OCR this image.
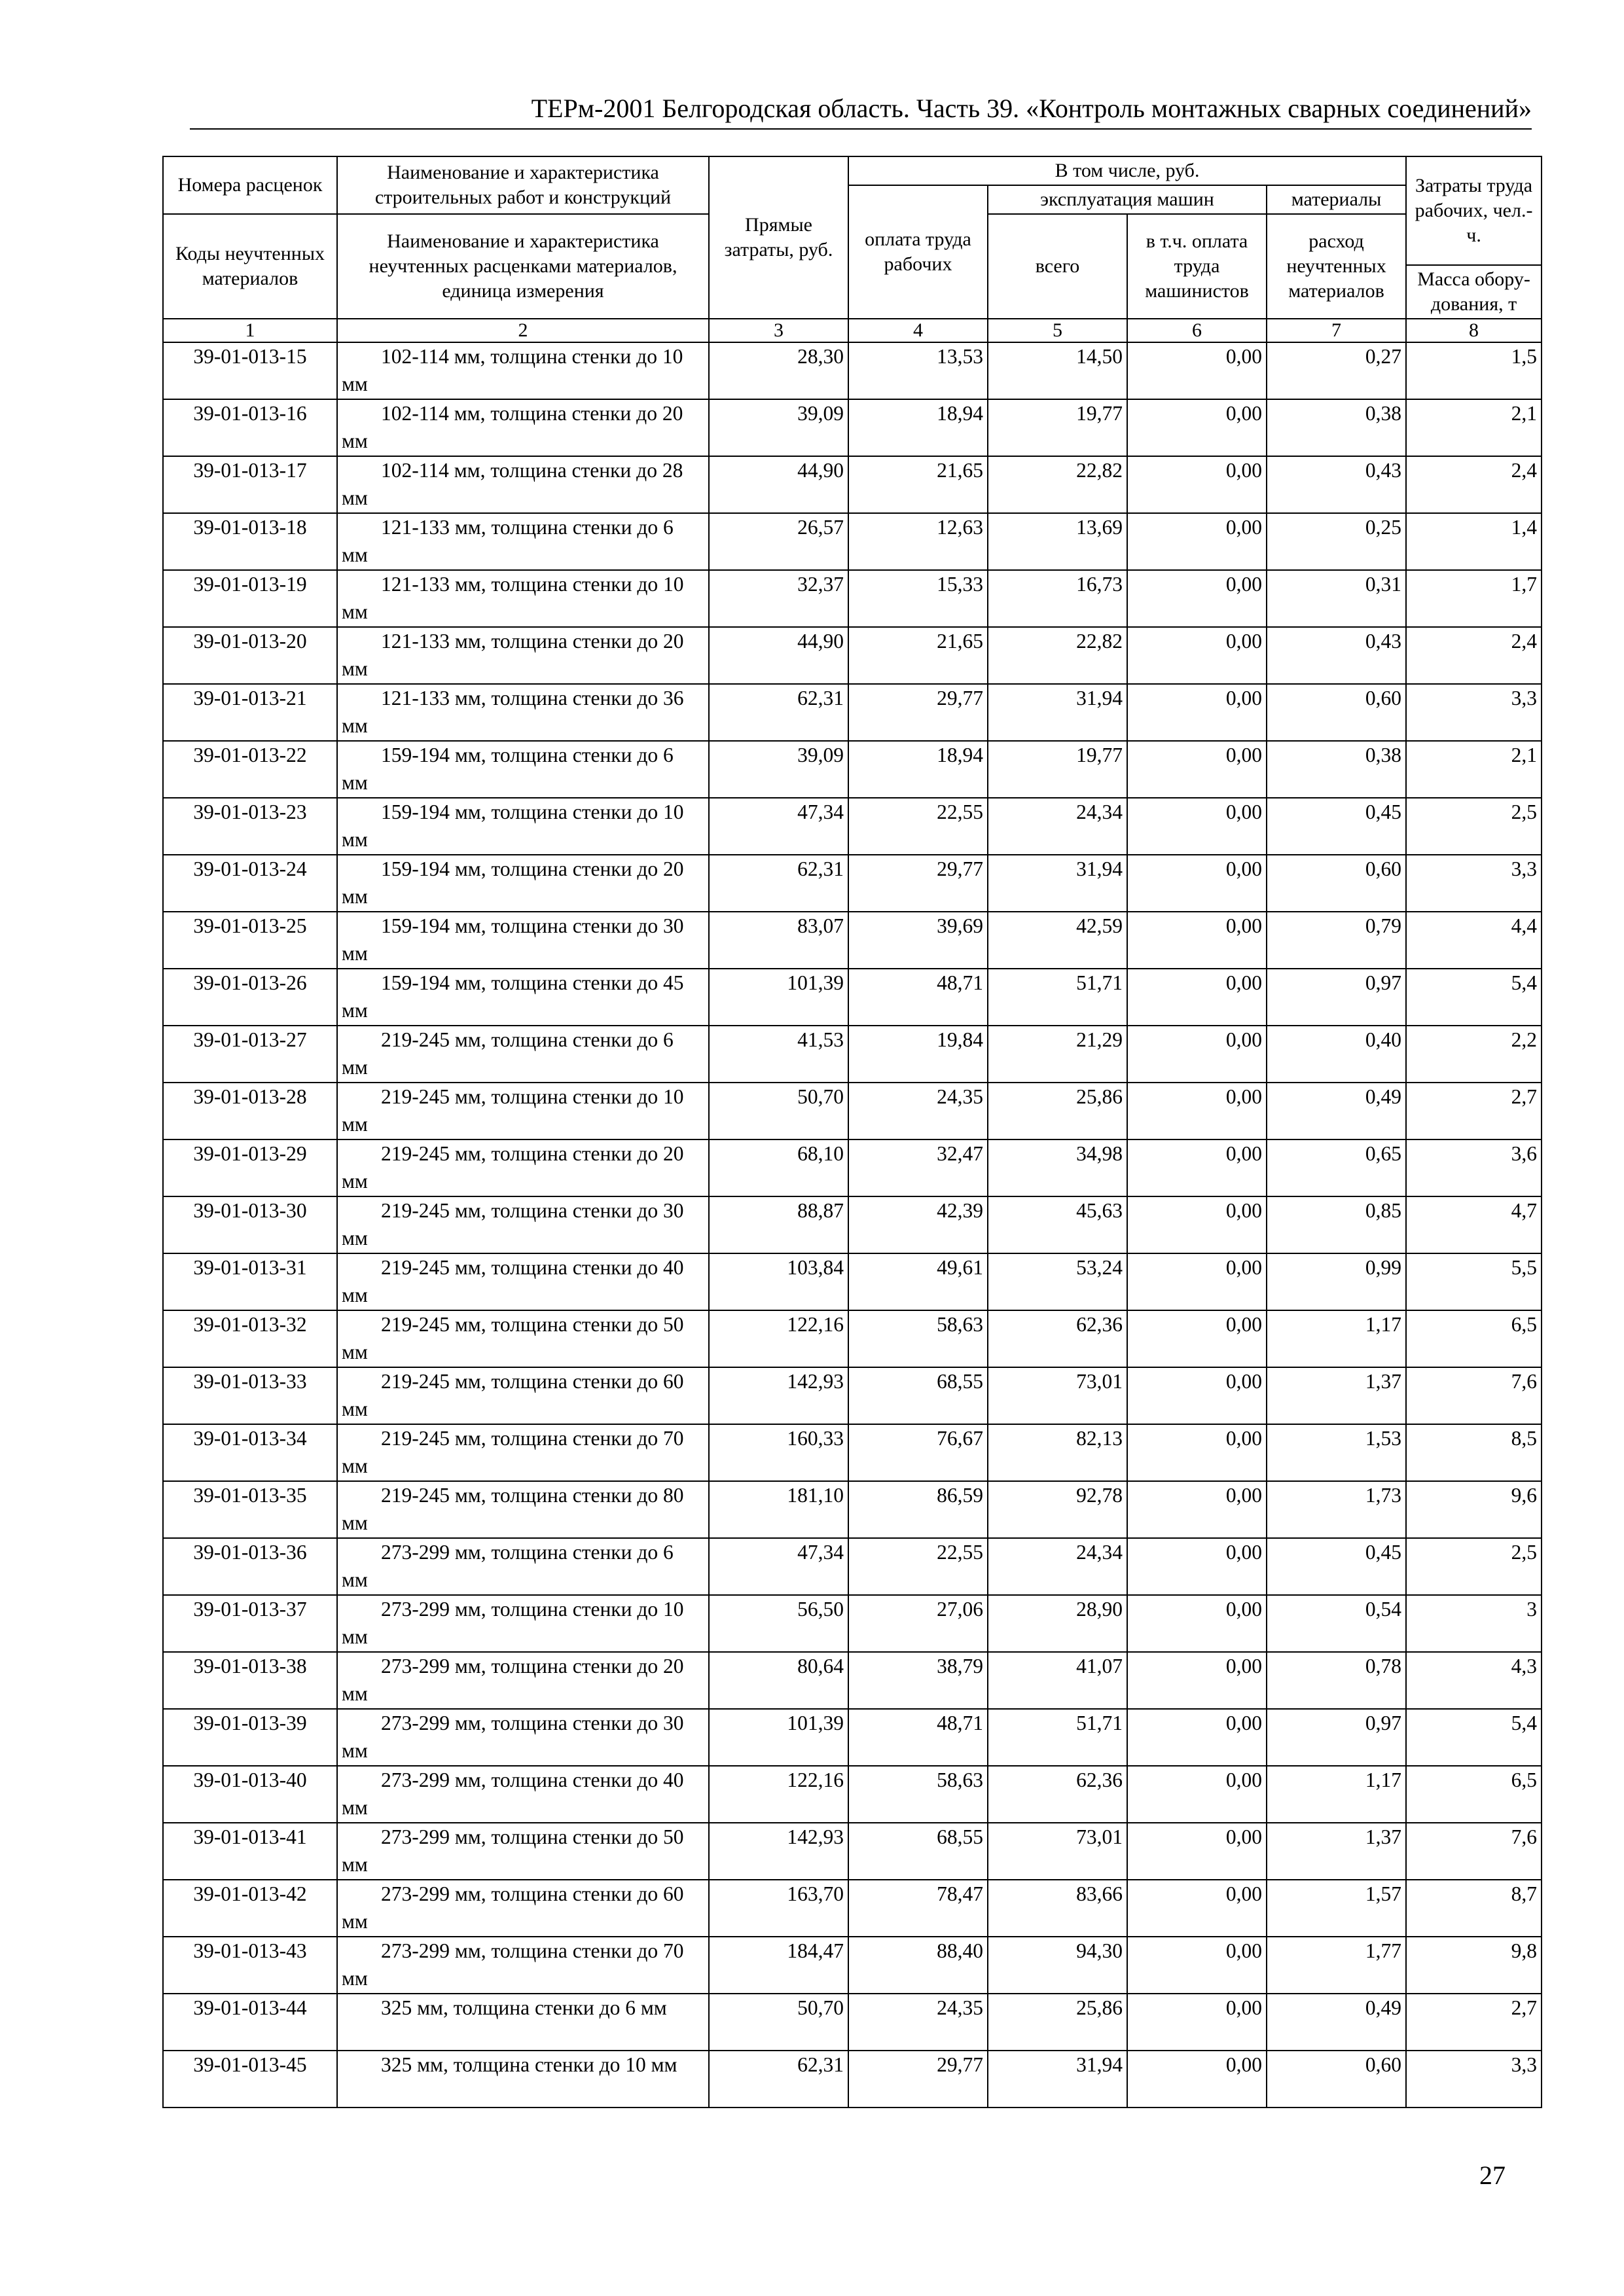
ТЕРм-2001 Белгородская область. Часть 39. «Контроль монтажных сварных соединений»
Номера расценок	Наименование и характеристика строительных работ и конструкций	Прямые затраты, руб.	В том числе, руб.				Затраты труда рабочих, чел.-ч.
			оплата труда рабочих	эксплуатация машин		материалы	
Коды неучтенных материалов	Наименование и характеристика неучтенных расценками материалов, единица измерения			всего	в т.ч. оплата труда машинистов	расход неучтенных материалов	
							Масса обору-дования, т
1	2	3	4	5	6	7	8
39-01-013-15	102-114 мм, толщина стенки до 10 мм	28,30	13,53	14,50	0,00	0,27	1,5
39-01-013-16	102-114 мм, толщина стенки до 20 мм	39,09	18,94	19,77	0,00	0,38	2,1
39-01-013-17	102-114 мм, толщина стенки до 28 мм	44,90	21,65	22,82	0,00	0,43	2,4
39-01-013-18	121-133 мм, толщина стенки до 6 мм	26,57	12,63	13,69	0,00	0,25	1,4
39-01-013-19	121-133 мм, толщина стенки до 10 мм	32,37	15,33	16,73	0,00	0,31	1,7
39-01-013-20	121-133 мм, толщина стенки до 20 мм	44,90	21,65	22,82	0,00	0,43	2,4
39-01-013-21	121-133 мм, толщина стенки до 36 мм	62,31	29,77	31,94	0,00	0,60	3,3
39-01-013-22	159-194 мм, толщина стенки до 6 мм	39,09	18,94	19,77	0,00	0,38	2,1
39-01-013-23	159-194 мм, толщина стенки до 10 мм	47,34	22,55	24,34	0,00	0,45	2,5
39-01-013-24	159-194 мм, толщина стенки до 20 мм	62,31	29,77	31,94	0,00	0,60	3,3
39-01-013-25	159-194 мм, толщина стенки до 30 мм	83,07	39,69	42,59	0,00	0,79	4,4
39-01-013-26	159-194 мм, толщина стенки до 45 мм	101,39	48,71	51,71	0,00	0,97	5,4
39-01-013-27	219-245 мм, толщина стенки до 6 мм	41,53	19,84	21,29	0,00	0,40	2,2
39-01-013-28	219-245 мм, толщина стенки до 10 мм	50,70	24,35	25,86	0,00	0,49	2,7
39-01-013-29	219-245 мм, толщина стенки до 20 мм	68,10	32,47	34,98	0,00	0,65	3,6
39-01-013-30	219-245 мм, толщина стенки до 30 мм	88,87	42,39	45,63	0,00	0,85	4,7
39-01-013-31	219-245 мм, толщина стенки до 40 мм	103,84	49,61	53,24	0,00	0,99	5,5
39-01-013-32	219-245 мм, толщина стенки до 50 мм	122,16	58,63	62,36	0,00	1,17	6,5
39-01-013-33	219-245 мм, толщина стенки до 60 мм	142,93	68,55	73,01	0,00	1,37	7,6
39-01-013-34	219-245 мм, толщина стенки до 70 мм	160,33	76,67	82,13	0,00	1,53	8,5
39-01-013-35	219-245 мм, толщина стенки до 80 мм	181,10	86,59	92,78	0,00	1,73	9,6
39-01-013-36	273-299 мм, толщина стенки до 6 мм	47,34	22,55	24,34	0,00	0,45	2,5
39-01-013-37	273-299 мм, толщина стенки до 10 мм	56,50	27,06	28,90	0,00	0,54	3
39-01-013-38	273-299 мм, толщина стенки до 20 мм	80,64	38,79	41,07	0,00	0,78	4,3
39-01-013-39	273-299 мм, толщина стенки до 30 мм	101,39	48,71	51,71	0,00	0,97	5,4
39-01-013-40	273-299 мм, толщина стенки до 40 мм	122,16	58,63	62,36	0,00	1,17	6,5
39-01-013-41	273-299 мм, толщина стенки до 50 мм	142,93	68,55	73,01	0,00	1,37	7,6
39-01-013-42	273-299 мм, толщина стенки до 60 мм	163,70	78,47	83,66	0,00	1,57	8,7
39-01-013-43	273-299 мм, толщина стенки до 70 мм	184,47	88,40	94,30	0,00	1,77	9,8
39-01-013-44	325 мм, толщина стенки до 6 мм	50,70	24,35	25,86	0,00	0,49	2,7
39-01-013-45	325 мм, толщина стенки до 10 мм	62,31	29,77	31,94	0,00	0,60	3,3
27
